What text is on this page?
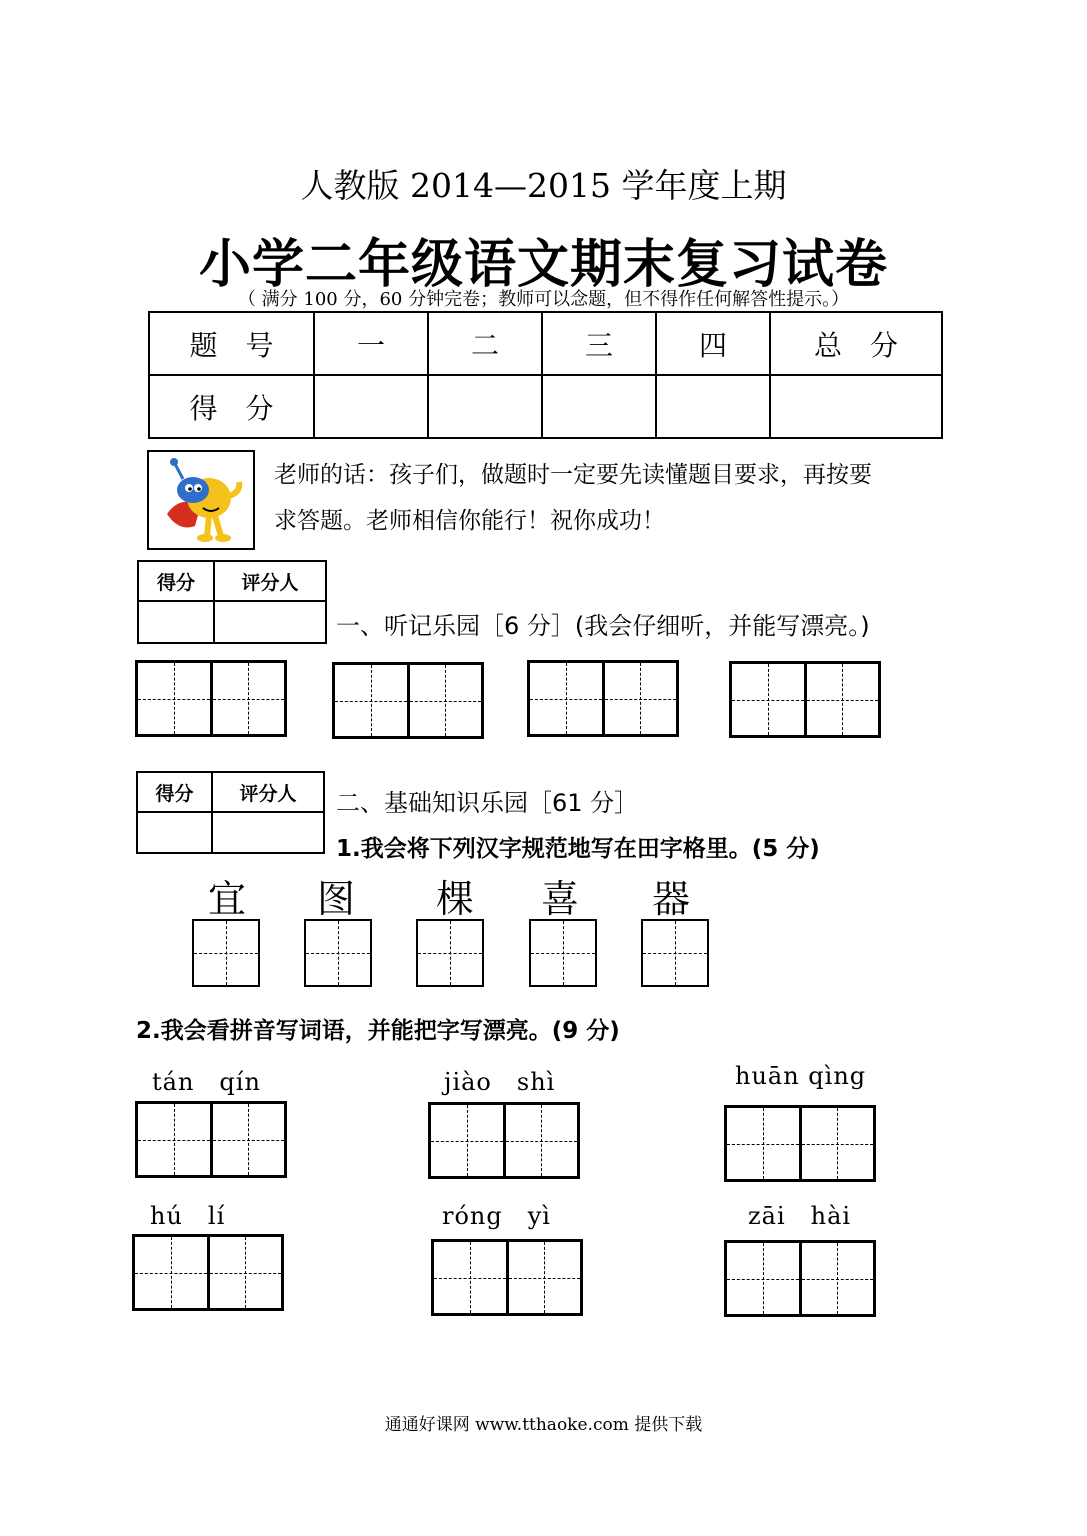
人教版 2014—2015 学年度上期
小学二年级语文期末复习试卷
（ 满分 100 分，60 分钟完卷；教师可以念题，但不得作任何解答性提示。）
题　号	一	二	三	四	总　分
得　分					
老师的话：孩子们，做题时一定要先读懂题目要求，再按要
求答题。老师相信你能行！祝你成功！
得分	评分人

一、听记乐园［6 分］(我会仔细听，并能写漂亮。)
得分	评分人
	二、基础知识乐园［61 分］
1.我会将下列汉字规范地写在田字格里。(5 分)
宜	图	棵	喜	器
2.我会看拼音写词语，并能把字写漂亮。(9 分)
tán　qín	jiào　shì	huān qìng
hú　lí	róng　yì	zāi　hài
通通好课网 www.tthaoke.com 提供下载
